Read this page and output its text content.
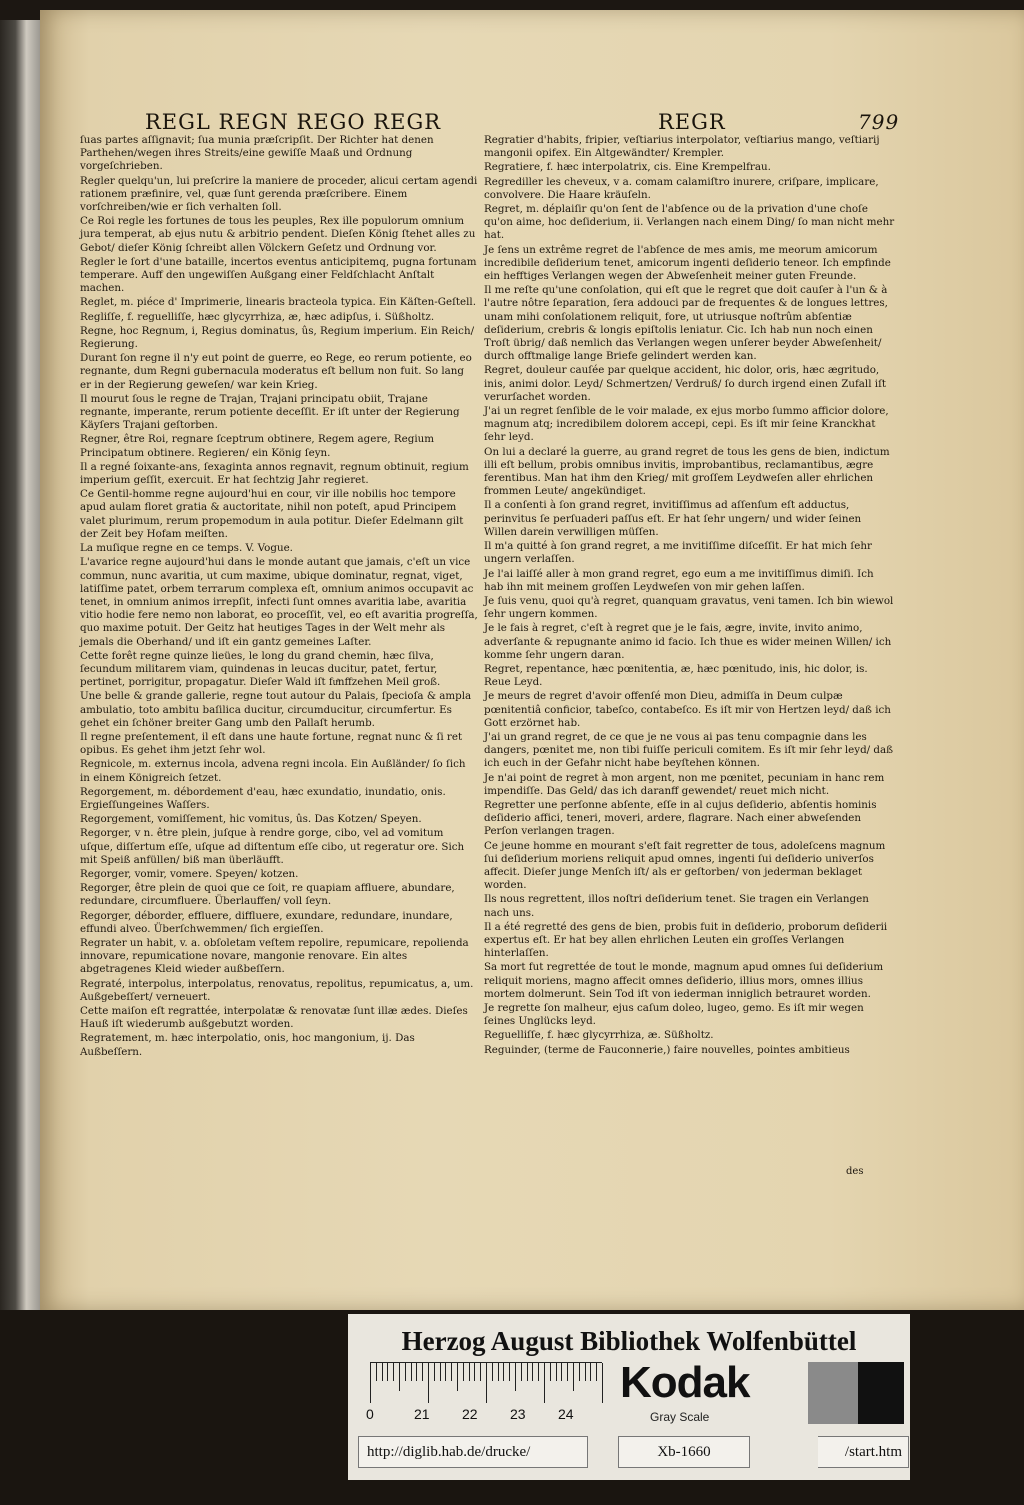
REGL REGN REGO REGR	REGR	799
ſuas partes aſſignavit; ſua munia præſcripſit. Der Richter hat denen Parthehen/wegen ihres Streits/eine gewiſſe Maaß und Ordnung vorgeſchrieben.
Regler quelqu'un, lui preſcrire la maniere de proceder, alicui certam agendi rationem præfinire, vel, quæ ſunt gerenda præſcribere. Einem vorſchreiben/wie er ſich verhalten ſoll.
Ce Roi regle les fortunes de tous les peuples, Rex ille populorum omnium jura temperat, ab ejus nutu & arbitrio pendent. Dieſen König ſtehet alles zu Gebot/ dieſer König ſchreibt allen Völckern Geſetz und Ordnung vor.
Regler le ſort d'une bataille, incertos eventus anticipitemq, pugna fortunam temperare. Auff den ungewiſſen Außgang einer Feldſchlacht Anſtalt machen.
Reglet, m. piéce d' Imprimerie, linearis bracteola typica. Ein Käſten-Geſtell.
Regliſſe, f. reguelliſſe, hæc glycyrrhiza, æ, hæc adipſus, i. Süßholtz.
Regne, hoc Regnum, i, Regius dominatus, ûs, Regium imperium. Ein Reich/ Regierung.
Durant ſon regne il n'y eut point de guerre, eo Rege, eo rerum potiente, eo regnante, dum Regni gubernacula moderatus eſt bellum non fuit. So lang er in der Regierung geweſen/ war kein Krieg.
Il mourut ſous le regne de Trajan, Trajani principatu obiit, Trajane regnante, imperante, rerum potiente deceſſit. Er iſt unter der Regierung Käyſers Trajani geſtorben.
Regner, être Roi, regnare ſceptrum obtinere, Regem agere, Regium Principatum obtinere. Regieren/ ein König ſeyn.
Il a regné ſoixante-ans, ſexaginta annos regnavit, regnum obtinuit, regium imperium geſſit, exercuit. Er hat ſechtzig Jahr regieret.
Ce Gentil-homme regne aujourd'hui en cour, vir ille nobilis hoc tempore apud aulam floret gratia & auctoritate, nihil non poteſt, apud Principem valet plurimum, rerum propemodum in aula potitur. Dieſer Edelmann gilt der Zeit bey Hofam meiſten.
La muſique regne en ce temps. V. Vogue.
L'avarice regne aujourd'hui dans le monde autant que jamais, c'eſt un vice commun, nunc avaritia, ut cum maxime, ubique dominatur, regnat, viget, latiſſime patet, orbem terrarum complexa eſt, omnium animos occupavit ac tenet, in omnium animos irrepſit, infecti ſunt omnes avaritia labe, avaritia vitio hodie fere nemo non laborat, eo proceſſit, vel, eo eſt avaritia progreſſa, quo maxime potuit. Der Geitz hat heutiges Tages in der Welt mehr als jemals die Oberhand/ und iſt ein gantz gemeines Laſter.
Cette forêt regne quinze lieües, le long du grand chemin, hæc ſilva, ſecundum militarem viam, quindenas in leucas ducitur, patet, fertur, pertinet, porrigitur, propagatur. Dieſer Wald iſt fuͤnffzehen Meil groß.
Une belle & grande gallerie, regne tout autour du Palais, ſpecioſa & ampla ambulatio, toto ambitu baſilica ducitur, circumducitur, circumfertur. Es gehet ein ſchöner breiter Gang umb den Pallaſt herumb.
Il regne preſentement, il eſt dans une haute fortune, regnat nunc & ſi ret opibus. Es gehet ihm jetzt ſehr wol.
Regnicole, m. externus incola, advena regni incola. Ein Außländer/ ſo ſich in einem Königreich ſetzet.
Regorgement, m. débordement d'eau, hæc exundatio, inundatio, onis. Ergieſſungeines Waſſers.
Regorgement, vomiſſement, hic vomitus, ûs. Das Kotzen/ Speyen.
Regorger, v n. être plein, juſque à rendre gorge, cibo, vel ad vomitum uſque, diſſertum eſſe, uſque ad diſtentum eſſe cibo, ut regeratur ore. Sich mit Speiß anfüllen/ biß man überläufft.
Regorger, vomir, vomere. Speyen/ kotzen.
Regorger, être plein de quoi que ce ſoit, re quapiam affluere, abundare, redundare, circumfluere. Überlauffen/ voll ſeyn.
Regorger, déborder, effluere, diffluere, exundare, redundare, inundare, effundi alveo. Überſchwemmen/ ſich ergieſſen.
Regrater un habit, v. a. obſoletam veſtem repolire, repumicare, repolienda innovare, repumicatione novare, mangonie renovare. Ein altes abgetragenes Kleid wieder außbeſſern.
Regraté, interpolus, interpolatus, renovatus, repolitus, repumicatus, a, um. Außgebeſſert/ verneuert.
Cette maiſon eſt regrattée, interpolatæ & renovatæ ſunt illæ ædes. Dieſes Hauß iſt wiederumb außgebutzt worden.
Regratement, m. hæc interpolatio, onis, hoc mangonium, ij. Das Außbeſſern.
Regratier d'habits, fripier, veſtiarius interpolator, veſtiarius mango, veſtiarij mangonii opifex. Ein Altgewändter/ Krempler.
Regratiere, f. hæc interpolatrix, cis. Eine Krempelfrau.
Regrediller les cheveux, v a. comam calamiſtro inurere, criſpare, implicare, convolvere. Die Haare kräuſeln.
Regret, m. déplaiſir qu'on ſent de l'abſence ou de la privation d'une choſe qu'on aime, hoc deſiderium, ii. Verlangen nach einem Ding/ ſo man nicht mehr hat.
Je ſens un extrême regret de l'abſence de mes amis, me meorum amicorum incredibile deſiderium tenet, amicorum ingenti deſiderio teneor. Ich empfinde ein hefftiges Verlangen wegen der Abweſenheit meiner guten Freunde.
Il me reſte qu'une conſolation, qui eſt que le regret que doit cauſer à l'un & à l'autre nôtre ſeparation, ſera addouci par de frequentes & de longues lettres, unam mihi conſolationem reliquit, fore, ut utriusque noſtrûm abſentiæ deſiderium, crebris & longis epiſtolis leniatur. Cic. Ich hab nun noch einen Troſt übrig/ daß nemlich das Verlangen wegen unſerer beyder Abweſenheit/ durch offtmalige lange Briefe gelindert werden kan.
Regret, douleur cauſée par quelque accident, hic dolor, oris, hæc ægritudo, inis, animi dolor. Leyd/ Schmertzen/ Verdruß/ ſo durch irgend einen Zufall iſt verurſachet worden.
J'ai un regret ſenſible de le voir malade, ex ejus morbo ſummo afficior dolore, magnum atq; incredibilem dolorem accepi, cepi. Es iſt mir ſeine Kranckhat ſehr leyd.
On lui a declaré la guerre, au grand regret de tous les gens de bien, indictum illi eſt bellum, probis omnibus invitis, improbantibus, reclamantibus, ægre ferentibus. Man hat ihm den Krieg/ mit groſſem Leydweſen aller ehrlichen frommen Leute/ angekündiget.
Il a conſenti à ſon grand regret, invitiſſimus ad aſſenſum eſt adductus, perinvitus ſe perſuaderi paſſus eſt. Er hat ſehr ungern/ und wider ſeinen Willen darein verwilligen müſſen.
Il m'a quitté à ſon grand regret, a me invitiſſime diſceſſit. Er hat mich ſehr ungern verlaſſen.
Je l'ai laiſſé aller à mon grand regret, ego eum a me invitiſſimus dimiſi. Ich hab ihn mit meinem groſſen Leydweſen von mir gehen laſſen.
Je ſuis venu, quoi qu'à regret, quanquam gravatus, veni tamen. Ich bin wiewol ſehr ungern kommen.
Je le fais à regret, c'eſt à regret que je le fais, ægre, invite, invito animo, adverſante & repugnante animo id facio. Ich thue es wider meinen Willen/ ich komme ſehr ungern daran.
Regret, repentance, hæc pœnitentia, æ, hæc pœnitudo, inis, hic dolor, is. Reue Leyd.
Je meurs de regret d'avoir offenſé mon Dieu, admiſſa in Deum culpæ pœnitentiâ conficior, tabeſco, contabeſco. Es iſt mir von Hertzen leyd/ daß ich Gott erzörnet hab.
J'ai un grand regret, de ce que je ne vous ai pas tenu compagnie dans les dangers, pœnitet me, non tibi fuiſſe periculi comitem. Es iſt mir ſehr leyd/ daß ich euch in der Gefahr nicht habe beyſtehen können.
Je n'ai point de regret à mon argent, non me pœnitet, pecuniam in hanc rem impendiſſe. Das Geld/ das ich daranff gewendet/ reuet mich nicht.
Regretter une perſonne abſente, eſſe in al cujus deſiderio, abſentis hominis deſiderio affici, teneri, moveri, ardere, flagrare. Nach einer abweſenden Perſon verlangen tragen.
Ce jeune homme en mourant s'eſt fait regretter de tous, adoleſcens magnum ſui deſiderium moriens reliquit apud omnes, ingenti ſui deſiderio univerſos affecit. Dieſer junge Menſch iſt/ als er geſtorben/ von jederman beklaget worden.
Ils nous regrettent, illos noſtri deſiderium tenet. Sie tragen ein Verlangen nach uns.
Il a été regretté des gens de bien, probis fuit in deſiderio, proborum deſiderii expertus eſt. Er hat bey allen ehrlichen Leuten ein groſſes Verlangen hinterlaſſen.
Sa mort fut regrettée de tout le monde, magnum apud omnes ſui deſiderium reliquit moriens, magno affecit omnes deſiderio, illius mors, omnes illius mortem dolmerunt. Sein Tod iſt von iederman inniglich betrauret worden.
Je regrette ſon malheur, ejus caſum doleo, lugeo, gemo. Es iſt mir wegen ſeines Unglücks leyd.
Reguelliſſe, f. hæc glycyrrhiza, æ. Süßholtz.
Reguinder, (terme de Fauconnerie,) faire nouvelles, pointes ambitieus
des
Herzog August Bibliothek Wolfenbüttel
0	21 22 23 24
Kodak
Gray Scale
http://diglib.hab.de/drucke/	Xb-1660	/start.htm
